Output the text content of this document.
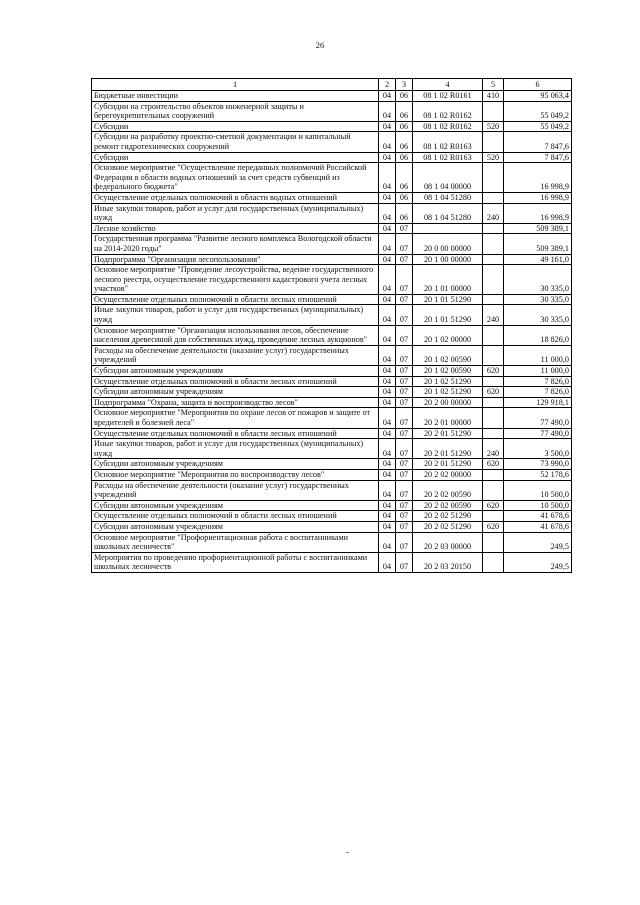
26
1	2	3	4	5	6
Бюджетные инвестиции	04	06	08 1 02 R0161	410	95 063,4
Субсидии на строительство объектов инженерной защиты и берегоукрепительных сооружений	04	06	08 1 02 R0162		55 049,2
Субсидии	04	06	08 1 02 R0162	520	55 049,2
Субсидии на разработку проектно-сметной документации и капитальный ремонт гидротехнических сооружений	04	06	08 1 02 R0163		7 847,6
Субсидии	04	06	08 1 02 R0163	520	7 847,6
Основное мероприятие "Осуществление переданных полномочий Российской Федерации в области водных отношений за счет средств субвенций из федерального бюджета"	04	06	08 1 04 00000		16 998,9
Осуществление отдельных полномочий в области водных отношений	04	06	08 1 04 51280		16 998,9
Иные закупки товаров, работ и услуг для государственных (муниципальных) нужд	04	06	08 1 04 51280	240	16 998,9
Лесное хозяйство	04	07			509 389,1
Государственная программа "Развитие лесного комплекса Вологодской области на 2014-2020 годы"	04	07	20 0 00 00000		509 389,1
Подпрограмма "Организация лесопользования"	04	07	20 1 00 00000		49 161,0
Основное мероприятие "Проведение лесоустройства, ведение государственного лесного реестра, осуществление государственного кадастрового учета лесных участков"	04	07	20 1 01 00000		30 335,0
Осуществление отдельных полномочий в области лесных отношений	04	07	20 1 01 51290		30 335,0
Иные закупки товаров, работ и услуг для государственных (муниципальных) нужд	04	07	20 1 01 51290	240	30 335,0
Основное мероприятие "Организация использования лесов, обеспечение населения древесиной для собственных нужд, проведение лесных аукционов"	04	07	20 1 02 00000		18 826,0
Расходы на обеспечение деятельности (оказание услуг) государственных учреждений	04	07	20 1 02 00590		11 000,0
Субсидии автономным учреждениям	04	07	20 1 02 00590	620	11 000,0
Осуществление отдельных полномочий в области лесных отношений	04	07	20 1 02 51290		7 826,0
Субсидии автономным учреждениям	04	07	20 1 02 51290	620	7 826,0
Подпрограмма "Охрана, защита и воспроизводство лесов"	04	07	20 2 00 00000		129 918,1
Основное мероприятие "Мероприятия по охране лесов от пожаров и защите от вредителей и болезней леса"	04	07	20 2 01 00000		77 490,0
Осуществление отдельных полномочий в области лесных отношений	04	07	20 2 01 51290		77 490,0
Иные закупки товаров, работ и услуг для государственных (муниципальных) нужд	04	07	20 2 01 51290	240	3 500,0
Субсидии автономным учреждениям	04	07	20 2 01 51290	620	73 990,0
Основное мероприятие "Мероприятия по воспроизводству лесов"	04	07	20 2 02 00000		52 178,6
Расходы на обеспечение деятельности (оказание услуг) государственных учреждений	04	07	20 2 02 00590		10 500,0
Субсидии автономным учреждениям	04	07	20 2 02 00590	620	10 500,0
Осуществление отдельных полномочий в области лесных отношений	04	07	20 2 02 51290		41 678,6
Субсидии автономным учреждениям	04	07	20 2 02 51290	620	41 678,6
Основное мероприятие "Профориентационная работа с воспитанниками школьных лесничеств"	04	07	20 2 03 00000		249,5
Мероприятия по проведению профориентационной работы с воспитанниками школьных лесничеств	04	07	20 2 03 20150		249,5
